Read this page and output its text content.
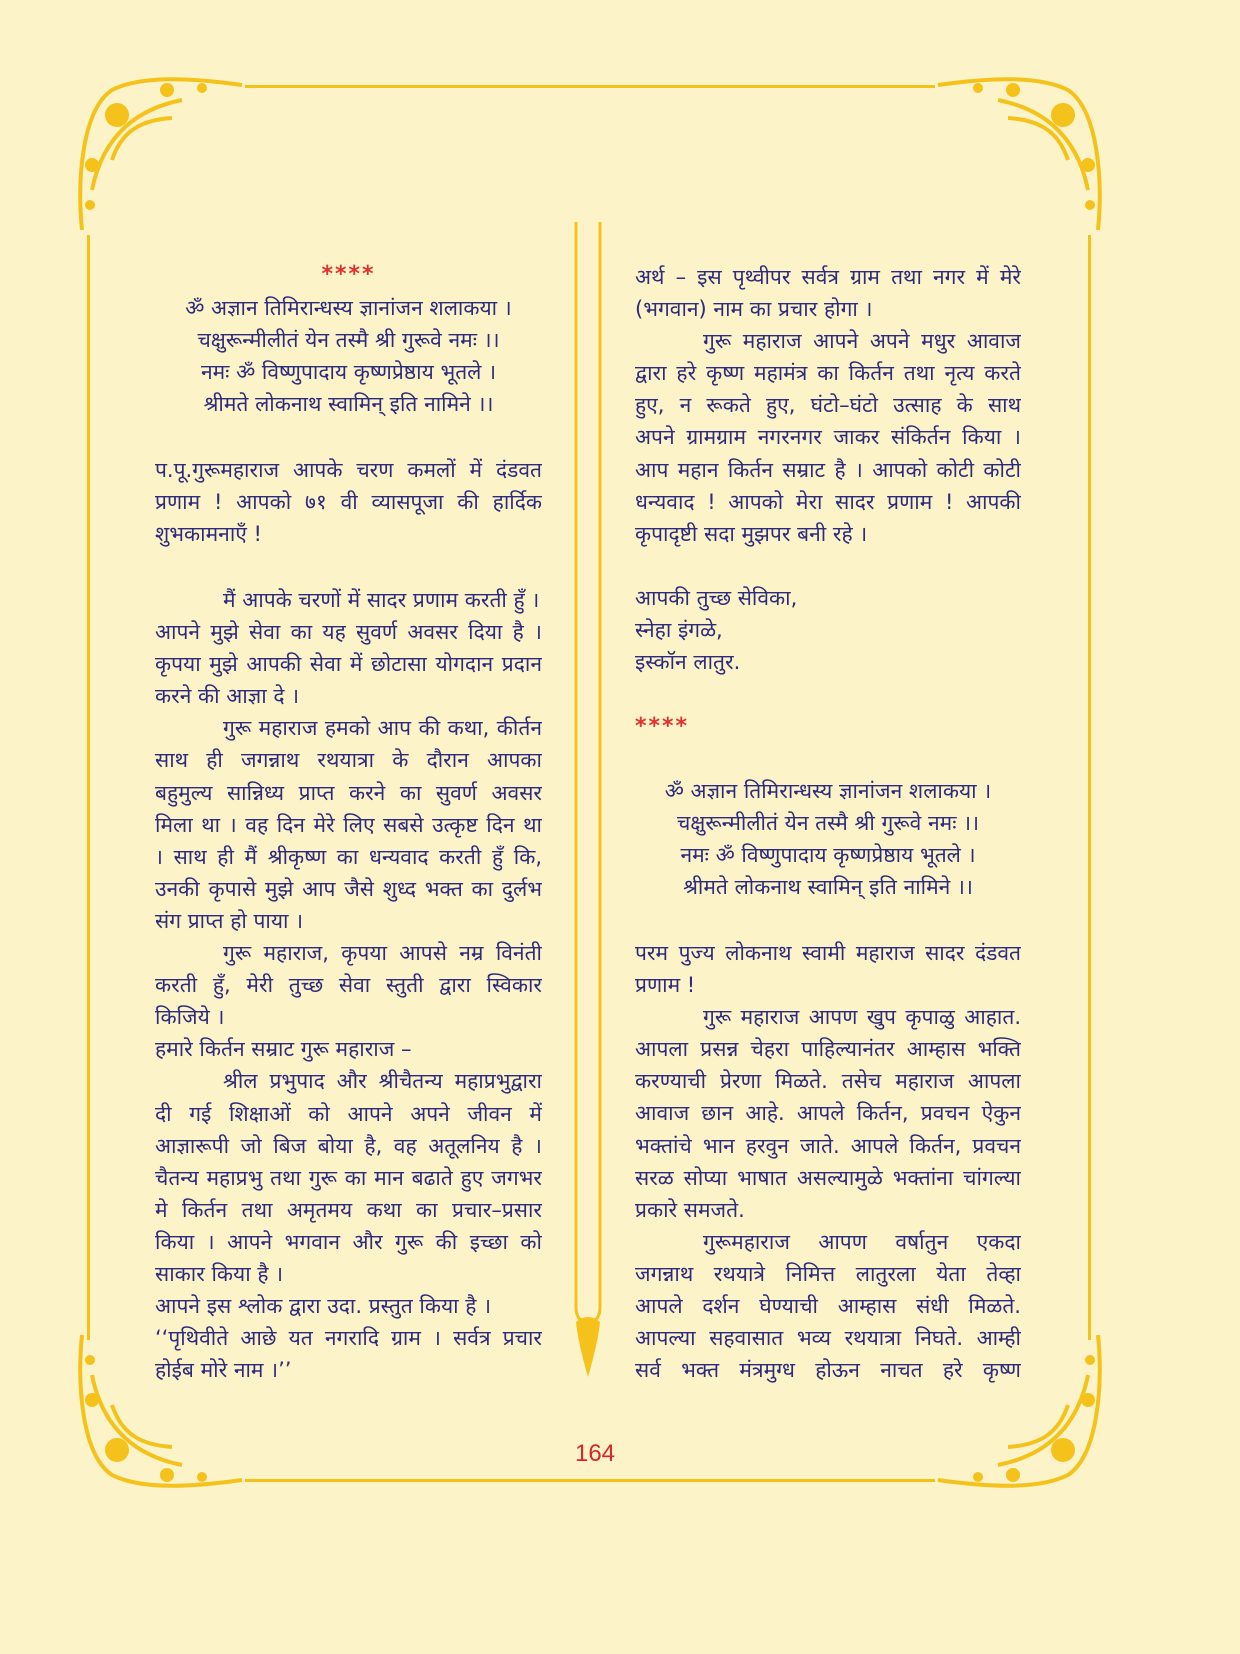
****
ॐ अज्ञान तिमिरान्धस्य ज्ञानांजन शलाकया ।
चक्षुरून्मीलीतं येन तस्मै श्री गुरूवे नमः ।।
नमः ॐ विष्णुपादाय कृष्णप्रेष्ठाय भूतले ।
श्रीमते लोकनाथ स्वामिन् इति नामिने ।।
प.पू.गुरूमहाराज आपके चरण कमलों में दंडवत
प्रणाम ! आपको ७१ वी व्यासपूजा की हार्दिक
शुभकामनाएँ !
मैं आपके चरणों में सादर प्रणाम करती हुँ ।
आपने मुझे सेवा का यह सुवर्ण अवसर दिया है ।
कृपया मुझे आपकी सेवा में छोटासा योगदान प्रदान
करने की आज्ञा दे ।
गुरू महाराज हमको आप की कथा, कीर्तन
साथ ही जगन्नाथ रथयात्रा के दौरान आपका
बहुमुल्य सान्निध्य प्राप्त करने का सुवर्ण अवसर
मिला था । वह दिन मेरे लिए सबसे उत्कृष्ट दिन था
। साथ ही मैं श्रीकृष्ण का धन्यवाद करती हुँ कि,
उनकी कृपासे मुझे आप जैसे शुध्द भक्त का दुर्लभ
संग प्राप्त हो पाया ।
गुरू महाराज, कृपया आपसे नम्र विनंती
करती हुँ, मेरी तुच्छ सेवा स्तुती द्वारा स्विकार
किजिये ।
हमारे किर्तन सम्राट गुरू महाराज –
श्रील प्रभुपाद और श्रीचैतन्य महाप्रभुद्वारा
दी गई शिक्षाओं को आपने अपने जीवन में
आज्ञारूपी जो बिज बोया है, वह अतूलनिय है ।
चैतन्य महाप्रभु तथा गुरू का मान बढाते हुए जगभर
मे किर्तन तथा अमृतमय कथा का प्रचार–प्रसार
किया । आपने भगवान और गुरू की इच्छा को
साकार किया है ।
आपने इस श्लोक द्वारा उदा. प्रस्तुत किया है ।
‘‘पृथिवीते आछे यत नगरादि ग्राम । सर्वत्र प्रचार
होईब मोरे नाम ।’’
अर्थ – इस पृथ्वीपर सर्वत्र ग्राम तथा नगर में मेरे
(भगवान) नाम का प्रचार होगा ।
गुरू महाराज आपने अपने मधुर आवाज
द्वारा हरे कृष्ण महामंत्र का किर्तन तथा नृत्य करते
हुए, न रूकते हुए, घंटो–घंटो उत्साह के साथ
अपने ग्रामग्राम नगरनगर जाकर संकिर्तन किया ।
आप महान किर्तन सम्राट है । आपको कोटी कोटी
धन्यवाद ! आपको मेरा सादर प्रणाम ! आपकी
कृपादृष्टी सदा मुझपर बनी रहे ।
आपकी तुच्छ सेविका,
स्नेहा इंगळे,
इस्कॉन लातुर.
****
ॐ अज्ञान तिमिरान्धस्य ज्ञानांजन शलाकया ।
चक्षुरून्मीलीतं येन तस्मै श्री गुरूवे नमः ।।
नमः ॐ विष्णुपादाय कृष्णप्रेष्ठाय भूतले ।
श्रीमते लोकनाथ स्वामिन् इति नामिने ।।
परम पुज्य लोकनाथ स्वामी महाराज सादर दंडवत
प्रणाम !
गुरू महाराज आपण खुप कृपाळु आहात.
आपला प्रसन्न चेहरा पाहिल्यानंतर आम्हास भक्ति
करण्याची प्रेरणा मिळते. तसेच महाराज आपला
आवाज छान आहे. आपले किर्तन, प्रवचन ऐकुन
भक्तांचे भान हरवुन जाते. आपले किर्तन, प्रवचन
सरळ सोप्या भाषात असल्यामुळे भक्तांना चांगल्या
प्रकारे समजते.
गुरूमहाराज आपण वर्षातुन एकदा
जगन्नाथ रथयात्रे निमित्त लातुरला येता तेव्हा
आपले दर्शन घेण्याची आम्हास संधी मिळते.
आपल्या सहवासात भव्य रथयात्रा निघते. आम्ही
सर्व भक्त मंत्रमुग्ध होऊन नाचत हरे कृष्ण
164
